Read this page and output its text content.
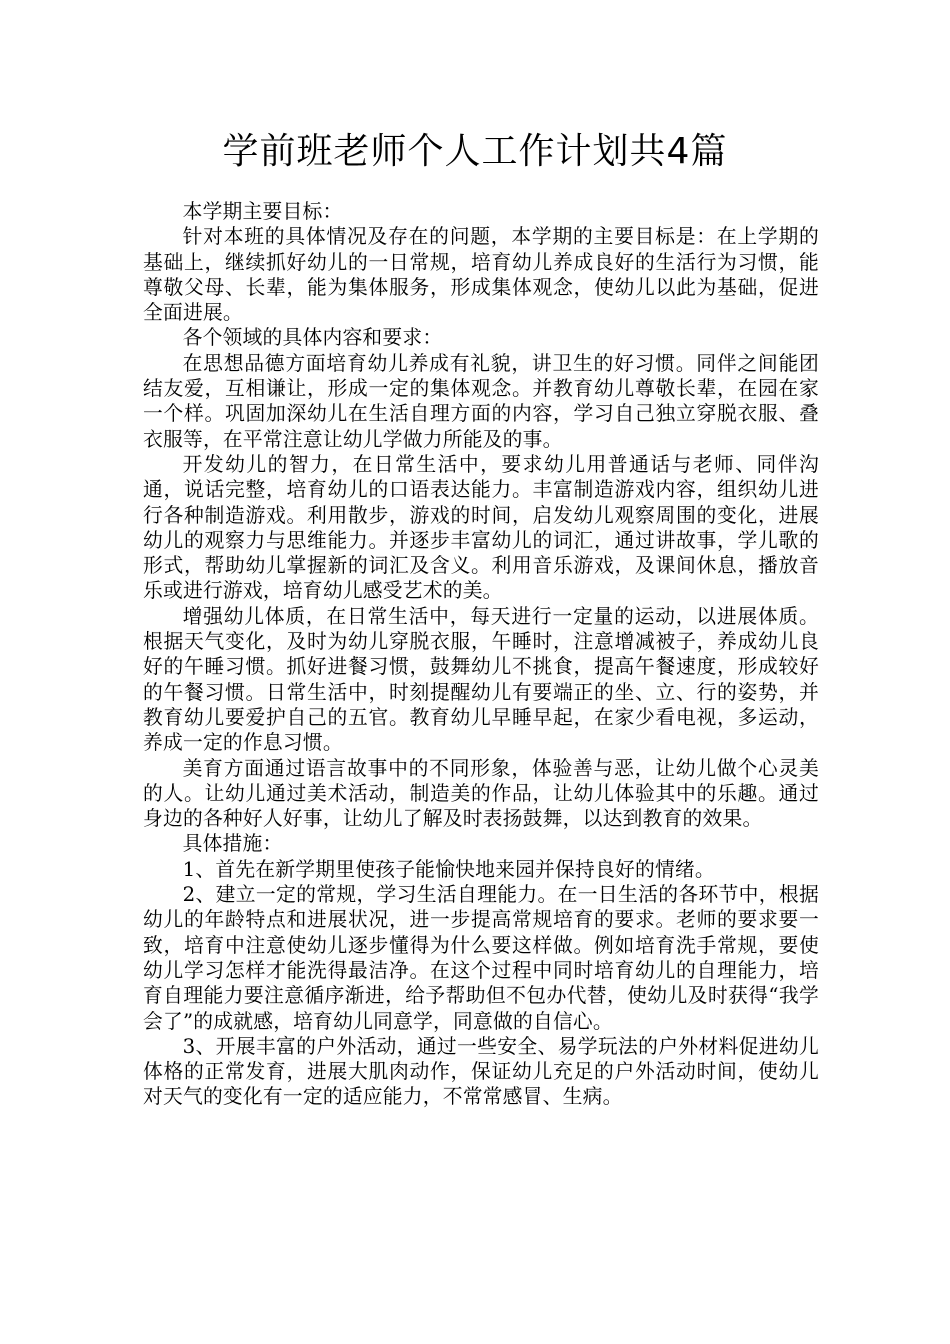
学前班老师个人工作计划共4篇

本学期主要目标：

针对本班的具体情况及存在的问题，本学期的主要目标是：在上学期的基础上，继续抓好幼儿的一日常规，培育幼儿养成良好的生活行为习惯，能尊敬父母、长辈，能为集体服务，形成集体观念，使幼儿以此为基础，促进全面进展。

各个领域的具体内容和要求：

在思想品德方面培育幼儿养成有礼貌，讲卫生的好习惯。同伴之间能团结友爱，互相谦让，形成一定的集体观念。并教育幼儿尊敬长辈，在园在家一个样。巩固加深幼儿在生活自理方面的内容，学习自己独立穿脱衣服、叠衣服等，在平常注意让幼儿学做力所能及的事。

开发幼儿的智力，在日常生活中，要求幼儿用普通话与老师、同伴沟通，说话完整，培育幼儿的口语表达能力。丰富制造游戏内容，组织幼儿进行各种制造游戏。利用散步，游戏的时间，启发幼儿观察周围的变化，进展幼儿的观察力与思维能力。并逐步丰富幼儿的词汇，通过讲故事，学儿歌的形式，帮助幼儿掌握新的词汇及含义。利用音乐游戏，及课间休息，播放音乐或进行游戏，培育幼儿感受艺术的美。

增强幼儿体质，在日常生活中，每天进行一定量的运动，以进展体质。根据天气变化，及时为幼儿穿脱衣服，午睡时，注意增减被子，养成幼儿良好的午睡习惯。抓好进餐习惯，鼓舞幼儿不挑食，提高午餐速度，形成较好的午餐习惯。日常生活中，时刻提醒幼儿有要端正的坐、立、行的姿势，并教育幼儿要爱护自己的五官。教育幼儿早睡早起，在家少看电视，多运动，养成一定的作息习惯。

美育方面通过语言故事中的不同形象，体验善与恶，让幼儿做个心灵美的人。让幼儿通过美术活动，制造美的作品，让幼儿体验其中的乐趣。通过身边的各种好人好事，让幼儿了解及时表扬鼓舞，以达到教育的效果。

具体措施：

1、首先在新学期里使孩子能愉快地来园并保持良好的情绪。

2、建立一定的常规，学习生活自理能力。在一日生活的各环节中，根据幼儿的年龄特点和进展状况，进一步提高常规培育的要求。老师的要求要一致，培育中注意使幼儿逐步懂得为什么要这样做。例如培育洗手常规，要使幼儿学习怎样才能洗得最洁净。在这个过程中同时培育幼儿的自理能力，培育自理能力要注意循序渐进，给予帮助但不包办代替，使幼儿及时获得“我学会了”的成就感，培育幼儿同意学，同意做的自信心。

3、开展丰富的户外活动，通过一些安全、易学玩法的户外材料促进幼儿体格的正常发育，进展大肌肉动作，保证幼儿充足的户外活动时间，使幼儿对天气的变化有一定的适应能力，不常常感冒、生病。
